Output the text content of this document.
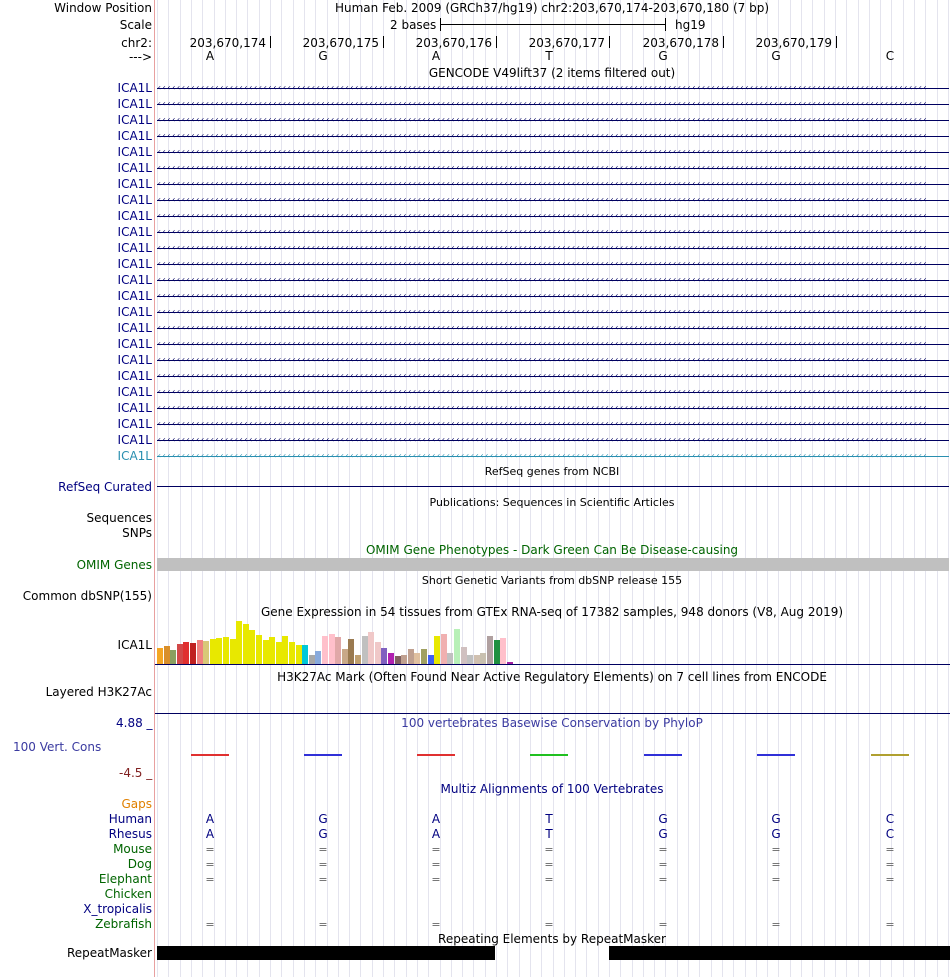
Window Position	Human Feb. 2009 (GRCh37/hg19) chr2:203,670,174-203,670,180 (7 bp)
Scale	2 bases	hg19
chr2:	203,670,174	203,670,175	203,670,176	203,670,177	203,670,178	203,670,179
--->	A	G	A	T	G	G	C
GENCODE V49lift37 (2 items filtered out)
ICA1L ‹‹‹‹‹‹‹‹‹‹‹‹‹‹‹‹‹‹‹‹‹‹‹‹‹‹‹‹‹‹‹‹‹‹‹‹‹‹‹‹‹‹‹‹‹‹‹‹‹‹‹‹‹‹‹‹‹‹‹‹‹‹‹‹‹‹‹‹‹‹‹‹‹‹‹‹‹‹‹‹‹‹‹‹‹‹‹‹‹‹‹‹‹‹‹‹‹‹‹‹‹‹‹‹‹‹‹‹‹‹‹‹‹‹‹‹‹‹‹‹‹‹‹‹‹‹‹‹‹‹‹‹‹‹‹‹‹‹‹‹‹‹‹‹‹‹‹‹‹‹‹‹‹‹‹‹‹‹‹‹
ICA1L ‹‹‹‹‹‹‹‹‹‹‹‹‹‹‹‹‹‹‹‹‹‹‹‹‹‹‹‹‹‹‹‹‹‹‹‹‹‹‹‹‹‹‹‹‹‹‹‹‹‹‹‹‹‹‹‹‹‹‹‹‹‹‹‹‹‹‹‹‹‹‹‹‹‹‹‹‹‹‹‹‹‹‹‹‹‹‹‹‹‹‹‹‹‹‹‹‹‹‹‹‹‹‹‹‹‹‹‹‹‹‹‹‹‹‹‹‹‹‹‹‹‹‹‹‹‹‹‹‹‹‹‹‹‹‹‹‹‹‹‹‹‹‹‹‹‹‹‹‹‹‹‹‹‹‹‹‹‹‹‹
ICA1L ‹‹‹‹‹‹‹‹‹‹‹‹‹‹‹‹‹‹‹‹‹‹‹‹‹‹‹‹‹‹‹‹‹‹‹‹‹‹‹‹‹‹‹‹‹‹‹‹‹‹‹‹‹‹‹‹‹‹‹‹‹‹‹‹‹‹‹‹‹‹‹‹‹‹‹‹‹‹‹‹‹‹‹‹‹‹‹‹‹‹‹‹‹‹‹‹‹‹‹‹‹‹‹‹‹‹‹‹‹‹‹‹‹‹‹‹‹‹‹‹‹‹‹‹‹‹‹‹‹‹‹‹‹‹‹‹‹‹‹‹‹‹‹‹‹‹‹‹‹‹‹‹‹‹‹‹‹‹‹‹
ICA1L ‹‹‹‹‹‹‹‹‹‹‹‹‹‹‹‹‹‹‹‹‹‹‹‹‹‹‹‹‹‹‹‹‹‹‹‹‹‹‹‹‹‹‹‹‹‹‹‹‹‹‹‹‹‹‹‹‹‹‹‹‹‹‹‹‹‹‹‹‹‹‹‹‹‹‹‹‹‹‹‹‹‹‹‹‹‹‹‹‹‹‹‹‹‹‹‹‹‹‹‹‹‹‹‹‹‹‹‹‹‹‹‹‹‹‹‹‹‹‹‹‹‹‹‹‹‹‹‹‹‹‹‹‹‹‹‹‹‹‹‹‹‹‹‹‹‹‹‹‹‹‹‹‹‹‹‹‹‹‹‹
ICA1L ‹‹‹‹‹‹‹‹‹‹‹‹‹‹‹‹‹‹‹‹‹‹‹‹‹‹‹‹‹‹‹‹‹‹‹‹‹‹‹‹‹‹‹‹‹‹‹‹‹‹‹‹‹‹‹‹‹‹‹‹‹‹‹‹‹‹‹‹‹‹‹‹‹‹‹‹‹‹‹‹‹‹‹‹‹‹‹‹‹‹‹‹‹‹‹‹‹‹‹‹‹‹‹‹‹‹‹‹‹‹‹‹‹‹‹‹‹‹‹‹‹‹‹‹‹‹‹‹‹‹‹‹‹‹‹‹‹‹‹‹‹‹‹‹‹‹‹‹‹‹‹‹‹‹‹‹‹‹‹‹
ICA1L ‹‹‹‹‹‹‹‹‹‹‹‹‹‹‹‹‹‹‹‹‹‹‹‹‹‹‹‹‹‹‹‹‹‹‹‹‹‹‹‹‹‹‹‹‹‹‹‹‹‹‹‹‹‹‹‹‹‹‹‹‹‹‹‹‹‹‹‹‹‹‹‹‹‹‹‹‹‹‹‹‹‹‹‹‹‹‹‹‹‹‹‹‹‹‹‹‹‹‹‹‹‹‹‹‹‹‹‹‹‹‹‹‹‹‹‹‹‹‹‹‹‹‹‹‹‹‹‹‹‹‹‹‹‹‹‹‹‹‹‹‹‹‹‹‹‹‹‹‹‹‹‹‹‹‹‹‹‹‹‹
ICA1L ‹‹‹‹‹‹‹‹‹‹‹‹‹‹‹‹‹‹‹‹‹‹‹‹‹‹‹‹‹‹‹‹‹‹‹‹‹‹‹‹‹‹‹‹‹‹‹‹‹‹‹‹‹‹‹‹‹‹‹‹‹‹‹‹‹‹‹‹‹‹‹‹‹‹‹‹‹‹‹‹‹‹‹‹‹‹‹‹‹‹‹‹‹‹‹‹‹‹‹‹‹‹‹‹‹‹‹‹‹‹‹‹‹‹‹‹‹‹‹‹‹‹‹‹‹‹‹‹‹‹‹‹‹‹‹‹‹‹‹‹‹‹‹‹‹‹‹‹‹‹‹‹‹‹‹‹‹‹‹‹
ICA1L ‹‹‹‹‹‹‹‹‹‹‹‹‹‹‹‹‹‹‹‹‹‹‹‹‹‹‹‹‹‹‹‹‹‹‹‹‹‹‹‹‹‹‹‹‹‹‹‹‹‹‹‹‹‹‹‹‹‹‹‹‹‹‹‹‹‹‹‹‹‹‹‹‹‹‹‹‹‹‹‹‹‹‹‹‹‹‹‹‹‹‹‹‹‹‹‹‹‹‹‹‹‹‹‹‹‹‹‹‹‹‹‹‹‹‹‹‹‹‹‹‹‹‹‹‹‹‹‹‹‹‹‹‹‹‹‹‹‹‹‹‹‹‹‹‹‹‹‹‹‹‹‹‹‹‹‹‹‹‹‹
ICA1L ‹‹‹‹‹‹‹‹‹‹‹‹‹‹‹‹‹‹‹‹‹‹‹‹‹‹‹‹‹‹‹‹‹‹‹‹‹‹‹‹‹‹‹‹‹‹‹‹‹‹‹‹‹‹‹‹‹‹‹‹‹‹‹‹‹‹‹‹‹‹‹‹‹‹‹‹‹‹‹‹‹‹‹‹‹‹‹‹‹‹‹‹‹‹‹‹‹‹‹‹‹‹‹‹‹‹‹‹‹‹‹‹‹‹‹‹‹‹‹‹‹‹‹‹‹‹‹‹‹‹‹‹‹‹‹‹‹‹‹‹‹‹‹‹‹‹‹‹‹‹‹‹‹‹‹‹‹‹‹‹
ICA1L ‹‹‹‹‹‹‹‹‹‹‹‹‹‹‹‹‹‹‹‹‹‹‹‹‹‹‹‹‹‹‹‹‹‹‹‹‹‹‹‹‹‹‹‹‹‹‹‹‹‹‹‹‹‹‹‹‹‹‹‹‹‹‹‹‹‹‹‹‹‹‹‹‹‹‹‹‹‹‹‹‹‹‹‹‹‹‹‹‹‹‹‹‹‹‹‹‹‹‹‹‹‹‹‹‹‹‹‹‹‹‹‹‹‹‹‹‹‹‹‹‹‹‹‹‹‹‹‹‹‹‹‹‹‹‹‹‹‹‹‹‹‹‹‹‹‹‹‹‹‹‹‹‹‹‹‹‹‹‹‹
ICA1L ‹‹‹‹‹‹‹‹‹‹‹‹‹‹‹‹‹‹‹‹‹‹‹‹‹‹‹‹‹‹‹‹‹‹‹‹‹‹‹‹‹‹‹‹‹‹‹‹‹‹‹‹‹‹‹‹‹‹‹‹‹‹‹‹‹‹‹‹‹‹‹‹‹‹‹‹‹‹‹‹‹‹‹‹‹‹‹‹‹‹‹‹‹‹‹‹‹‹‹‹‹‹‹‹‹‹‹‹‹‹‹‹‹‹‹‹‹‹‹‹‹‹‹‹‹‹‹‹‹‹‹‹‹‹‹‹‹‹‹‹‹‹‹‹‹‹‹‹‹‹‹‹‹‹‹‹‹‹‹‹
ICA1L ‹‹‹‹‹‹‹‹‹‹‹‹‹‹‹‹‹‹‹‹‹‹‹‹‹‹‹‹‹‹‹‹‹‹‹‹‹‹‹‹‹‹‹‹‹‹‹‹‹‹‹‹‹‹‹‹‹‹‹‹‹‹‹‹‹‹‹‹‹‹‹‹‹‹‹‹‹‹‹‹‹‹‹‹‹‹‹‹‹‹‹‹‹‹‹‹‹‹‹‹‹‹‹‹‹‹‹‹‹‹‹‹‹‹‹‹‹‹‹‹‹‹‹‹‹‹‹‹‹‹‹‹‹‹‹‹‹‹‹‹‹‹‹‹‹‹‹‹‹‹‹‹‹‹‹‹‹‹‹‹
ICA1L ‹‹‹‹‹‹‹‹‹‹‹‹‹‹‹‹‹‹‹‹‹‹‹‹‹‹‹‹‹‹‹‹‹‹‹‹‹‹‹‹‹‹‹‹‹‹‹‹‹‹‹‹‹‹‹‹‹‹‹‹‹‹‹‹‹‹‹‹‹‹‹‹‹‹‹‹‹‹‹‹‹‹‹‹‹‹‹‹‹‹‹‹‹‹‹‹‹‹‹‹‹‹‹‹‹‹‹‹‹‹‹‹‹‹‹‹‹‹‹‹‹‹‹‹‹‹‹‹‹‹‹‹‹‹‹‹‹‹‹‹‹‹‹‹‹‹‹‹‹‹‹‹‹‹‹‹‹‹‹‹
ICA1L ‹‹‹‹‹‹‹‹‹‹‹‹‹‹‹‹‹‹‹‹‹‹‹‹‹‹‹‹‹‹‹‹‹‹‹‹‹‹‹‹‹‹‹‹‹‹‹‹‹‹‹‹‹‹‹‹‹‹‹‹‹‹‹‹‹‹‹‹‹‹‹‹‹‹‹‹‹‹‹‹‹‹‹‹‹‹‹‹‹‹‹‹‹‹‹‹‹‹‹‹‹‹‹‹‹‹‹‹‹‹‹‹‹‹‹‹‹‹‹‹‹‹‹‹‹‹‹‹‹‹‹‹‹‹‹‹‹‹‹‹‹‹‹‹‹‹‹‹‹‹‹‹‹‹‹‹‹‹‹‹
ICA1L ‹‹‹‹‹‹‹‹‹‹‹‹‹‹‹‹‹‹‹‹‹‹‹‹‹‹‹‹‹‹‹‹‹‹‹‹‹‹‹‹‹‹‹‹‹‹‹‹‹‹‹‹‹‹‹‹‹‹‹‹‹‹‹‹‹‹‹‹‹‹‹‹‹‹‹‹‹‹‹‹‹‹‹‹‹‹‹‹‹‹‹‹‹‹‹‹‹‹‹‹‹‹‹‹‹‹‹‹‹‹‹‹‹‹‹‹‹‹‹‹‹‹‹‹‹‹‹‹‹‹‹‹‹‹‹‹‹‹‹‹‹‹‹‹‹‹‹‹‹‹‹‹‹‹‹‹‹‹‹‹
ICA1L ‹‹‹‹‹‹‹‹‹‹‹‹‹‹‹‹‹‹‹‹‹‹‹‹‹‹‹‹‹‹‹‹‹‹‹‹‹‹‹‹‹‹‹‹‹‹‹‹‹‹‹‹‹‹‹‹‹‹‹‹‹‹‹‹‹‹‹‹‹‹‹‹‹‹‹‹‹‹‹‹‹‹‹‹‹‹‹‹‹‹‹‹‹‹‹‹‹‹‹‹‹‹‹‹‹‹‹‹‹‹‹‹‹‹‹‹‹‹‹‹‹‹‹‹‹‹‹‹‹‹‹‹‹‹‹‹‹‹‹‹‹‹‹‹‹‹‹‹‹‹‹‹‹‹‹‹‹‹‹‹
ICA1L ‹‹‹‹‹‹‹‹‹‹‹‹‹‹‹‹‹‹‹‹‹‹‹‹‹‹‹‹‹‹‹‹‹‹‹‹‹‹‹‹‹‹‹‹‹‹‹‹‹‹‹‹‹‹‹‹‹‹‹‹‹‹‹‹‹‹‹‹‹‹‹‹‹‹‹‹‹‹‹‹‹‹‹‹‹‹‹‹‹‹‹‹‹‹‹‹‹‹‹‹‹‹‹‹‹‹‹‹‹‹‹‹‹‹‹‹‹‹‹‹‹‹‹‹‹‹‹‹‹‹‹‹‹‹‹‹‹‹‹‹‹‹‹‹‹‹‹‹‹‹‹‹‹‹‹‹‹‹‹‹
ICA1L ‹‹‹‹‹‹‹‹‹‹‹‹‹‹‹‹‹‹‹‹‹‹‹‹‹‹‹‹‹‹‹‹‹‹‹‹‹‹‹‹‹‹‹‹‹‹‹‹‹‹‹‹‹‹‹‹‹‹‹‹‹‹‹‹‹‹‹‹‹‹‹‹‹‹‹‹‹‹‹‹‹‹‹‹‹‹‹‹‹‹‹‹‹‹‹‹‹‹‹‹‹‹‹‹‹‹‹‹‹‹‹‹‹‹‹‹‹‹‹‹‹‹‹‹‹‹‹‹‹‹‹‹‹‹‹‹‹‹‹‹‹‹‹‹‹‹‹‹‹‹‹‹‹‹‹‹‹‹‹‹
ICA1L ‹‹‹‹‹‹‹‹‹‹‹‹‹‹‹‹‹‹‹‹‹‹‹‹‹‹‹‹‹‹‹‹‹‹‹‹‹‹‹‹‹‹‹‹‹‹‹‹‹‹‹‹‹‹‹‹‹‹‹‹‹‹‹‹‹‹‹‹‹‹‹‹‹‹‹‹‹‹‹‹‹‹‹‹‹‹‹‹‹‹‹‹‹‹‹‹‹‹‹‹‹‹‹‹‹‹‹‹‹‹‹‹‹‹‹‹‹‹‹‹‹‹‹‹‹‹‹‹‹‹‹‹‹‹‹‹‹‹‹‹‹‹‹‹‹‹‹‹‹‹‹‹‹‹‹‹‹‹‹‹
ICA1L ‹‹‹‹‹‹‹‹‹‹‹‹‹‹‹‹‹‹‹‹‹‹‹‹‹‹‹‹‹‹‹‹‹‹‹‹‹‹‹‹‹‹‹‹‹‹‹‹‹‹‹‹‹‹‹‹‹‹‹‹‹‹‹‹‹‹‹‹‹‹‹‹‹‹‹‹‹‹‹‹‹‹‹‹‹‹‹‹‹‹‹‹‹‹‹‹‹‹‹‹‹‹‹‹‹‹‹‹‹‹‹‹‹‹‹‹‹‹‹‹‹‹‹‹‹‹‹‹‹‹‹‹‹‹‹‹‹‹‹‹‹‹‹‹‹‹‹‹‹‹‹‹‹‹‹‹‹‹‹‹
ICA1L ‹‹‹‹‹‹‹‹‹‹‹‹‹‹‹‹‹‹‹‹‹‹‹‹‹‹‹‹‹‹‹‹‹‹‹‹‹‹‹‹‹‹‹‹‹‹‹‹‹‹‹‹‹‹‹‹‹‹‹‹‹‹‹‹‹‹‹‹‹‹‹‹‹‹‹‹‹‹‹‹‹‹‹‹‹‹‹‹‹‹‹‹‹‹‹‹‹‹‹‹‹‹‹‹‹‹‹‹‹‹‹‹‹‹‹‹‹‹‹‹‹‹‹‹‹‹‹‹‹‹‹‹‹‹‹‹‹‹‹‹‹‹‹‹‹‹‹‹‹‹‹‹‹‹‹‹‹‹‹‹
ICA1L ‹‹‹‹‹‹‹‹‹‹‹‹‹‹‹‹‹‹‹‹‹‹‹‹‹‹‹‹‹‹‹‹‹‹‹‹‹‹‹‹‹‹‹‹‹‹‹‹‹‹‹‹‹‹‹‹‹‹‹‹‹‹‹‹‹‹‹‹‹‹‹‹‹‹‹‹‹‹‹‹‹‹‹‹‹‹‹‹‹‹‹‹‹‹‹‹‹‹‹‹‹‹‹‹‹‹‹‹‹‹‹‹‹‹‹‹‹‹‹‹‹‹‹‹‹‹‹‹‹‹‹‹‹‹‹‹‹‹‹‹‹‹‹‹‹‹‹‹‹‹‹‹‹‹‹‹‹‹‹‹
ICA1L ‹‹‹‹‹‹‹‹‹‹‹‹‹‹‹‹‹‹‹‹‹‹‹‹‹‹‹‹‹‹‹‹‹‹‹‹‹‹‹‹‹‹‹‹‹‹‹‹‹‹‹‹‹‹‹‹‹‹‹‹‹‹‹‹‹‹‹‹‹‹‹‹‹‹‹‹‹‹‹‹‹‹‹‹‹‹‹‹‹‹‹‹‹‹‹‹‹‹‹‹‹‹‹‹‹‹‹‹‹‹‹‹‹‹‹‹‹‹‹‹‹‹‹‹‹‹‹‹‹‹‹‹‹‹‹‹‹‹‹‹‹‹‹‹‹‹‹‹‹‹‹‹‹‹‹‹‹‹‹‹
ICA1L ‹‹‹‹‹‹‹‹‹‹‹‹‹‹‹‹‹‹‹‹‹‹‹‹‹‹‹‹‹‹‹‹‹‹‹‹‹‹‹‹‹‹‹‹‹‹‹‹‹‹‹‹‹‹‹‹‹‹‹‹‹‹‹‹‹‹‹‹‹‹‹‹‹‹‹‹‹‹‹‹‹‹‹‹‹‹‹‹‹‹‹‹‹‹‹‹‹‹‹‹‹‹‹‹‹‹‹‹‹‹‹‹‹‹‹‹‹‹‹‹‹‹‹‹‹‹‹‹‹‹‹‹‹‹‹‹‹‹‹‹‹‹‹‹‹‹‹‹‹‹‹‹‹‹‹‹‹‹‹‹
RefSeq genes from NCBI
RefSeq Curated
Publications: Sequences in Scientific Articles
Sequences
SNPs
OMIM Gene Phenotypes - Dark Green Can Be Disease-causing
OMIM Genes
Short Genetic Variants from dbSNP release 155
Common dbSNP(155)
Gene Expression in 54 tissues from GTEx RNA-seq of 17382 samples, 948 donors (V8, Aug 2019)
ICA1L
H3K27Ac Mark (Often Found Near Active Regulatory Elements) on 7 cell lines from ENCODE
Layered H3K27Ac
4.88 _	100 vertebrates Basewise Conservation by PhyloP
100 Vert. Cons
-4.5 _
Multiz Alignments of 100 Vertebrates
Gaps
Human	A	G	A	T	G	G	C
Rhesus	A	G	A	T	G	G	C
Mouse	=	=	=	=	=	=	=
Dog	=	=	=	=	=	=	=
Elephant	=	=	=	=	=	=	=
Chicken
X_tropicalis
Zebrafish	=	=	=	=	=	=	=
Repeating Elements by RepeatMasker
RepeatMasker
